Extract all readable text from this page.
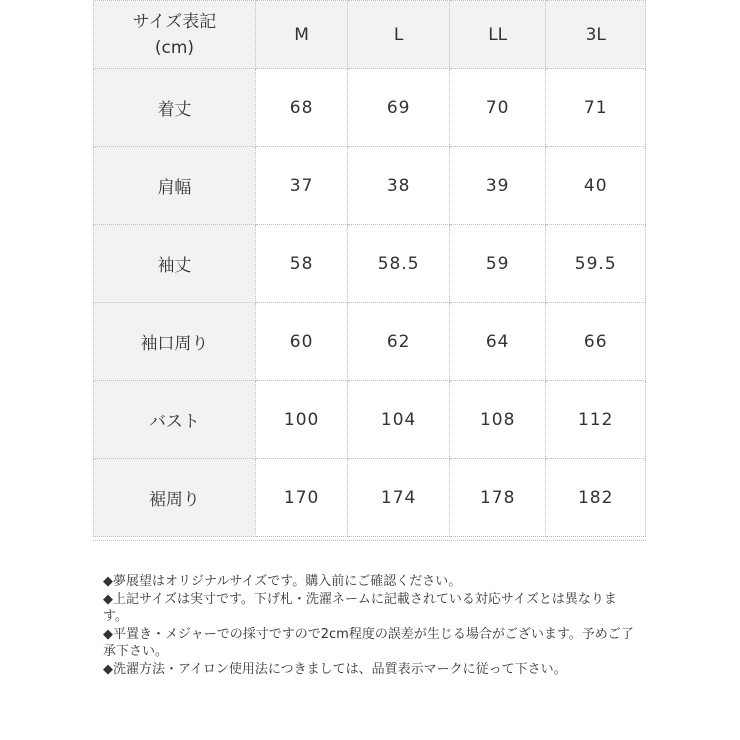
サイズ表記
(cm)	M	L	LL	3L
着丈	68	69	70	71
肩幅	37	38	39	40
袖丈	58	58.5	59	59.5
袖口周り	60	62	64	66
バスト	100	104	108	112
裾周り	170	174	178	182

◆夢展望はオリジナルサイズです。購入前にご確認ください。

◆上記サイズは実寸です。下げ札・洗濯ネームに記載されている対応サイズとは異なります。

◆平置き・メジャーでの採寸ですので2cm程度の誤差が生じる場合がございます。予めご了承下さい。

◆洗濯方法・アイロン使用法につきましては、品質表示マークに従って下さい。
